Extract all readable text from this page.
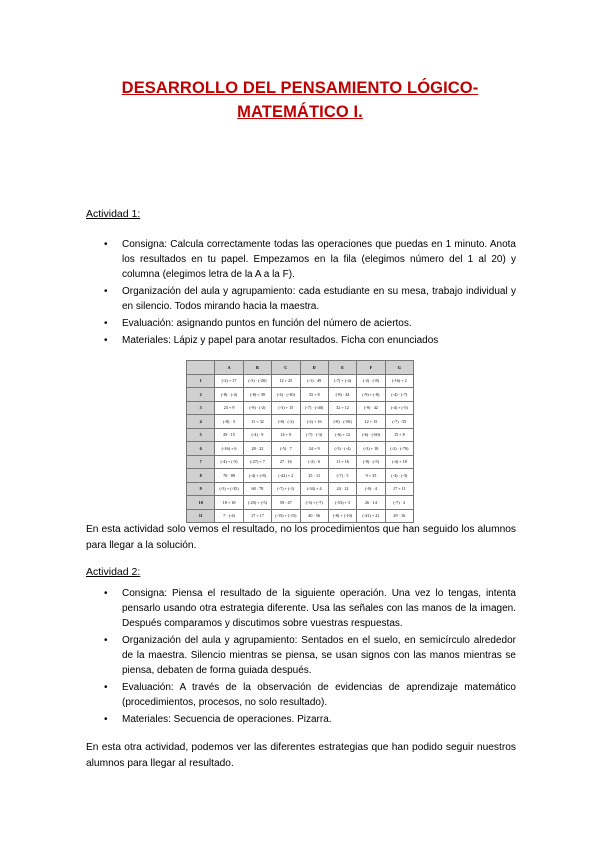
DESARROLLO DEL PENSAMIENTO LÓGICO-
MATEMÁTICO I.
Actividad 1:
• Consigna: Calcula correctamente todas las operaciones que puedas en 1 minuto. Anota los resultados en tu papel. Empezamos en la fila (elegimos número del 1 al 20) y columna (elegimos letra de la A a la F).
• Organización del aula y agrupamiento: cada estudiante en su mesa, trabajo individual y en silencio. Todos mirando hacia la maestra.
• Evaluación: asignando puntos en función del número de aciertos.
• Materiales: Lápiz y papel para anotar resultados. Ficha con enunciados
	A	B	C	D	E	F	G
1	(-2) + 17	(-3) · (-20)	12 + 25	(-1) · 49	(-7) + (-4)	(-2) · (-8)	(-16) + 2
2	(-8) · (-4)	(-8) + 39	(-4) · (-30)	33 + 8	(-8) · 44	(-9) + (-8)	(-4) · (-7)
3	23 + 9	(-9) · (-2)	(-3) + 15	(-7) · (-40)	32 + 12	(-9) · 42	(-4) + (-5)
4	(-8) · 3	11 + 32	(-8) · (-2)	(-2) + 16	(-8) · (-50)	12 + 15	(-7) · 55
5	29 · 15	(-4) · 9	14 + 9	(-7) · (-3)	(-6) + 12	(-6) · (-60)	15 + 8
6	(-16) + 6	28 · 22	(-5) · 7	24 + 9	(-5) · (-4)	(-3) + 18	(-2) · (-70)
7	(-4) + (-5)	(-27) + 7	27 · 16	(-2) · 6	11 + 16	(-9) · (-5)	(-4) + 18
8	70 · 89	(-4) + (-8)	(-42) + 2	25 · 11	(-7) · 5	9 + 35	(-4) · (-3)
9	(-5) + (-35)	60 · 78	(-7) + (-1)	(-34) + 4	24 · 12	(-9) · 4	17 + 11
10	18 + 18	(-25) + (-5)	59 · 47	(-3) + (-7)	(-53) + 3	26 · 14	(-7) · 2
11	7 · (-4)	17 + 17	(-15) + (-15)	40 · 56	(-8) + (-10)	(-41) + 21	29 · 16
En esta actividad solo vemos el resultado, no los procedimientos que han seguido los alumnos para llegar a la solución.
Actividad 2:
• Consigna: Piensa el resultado de la siguiente operación. Una vez lo tengas, intenta pensarlo usando otra estrategia diferente. Usa las señales con las manos de la imagen. Después comparamos y discutimos sobre vuestras respuestas.
• Organización del aula y agrupamiento: Sentados en el suelo, en semicírculo alrededor de la maestra. Silencio mientras se piensa, se usan signos con las manos mientras se piensa, debaten de forma guiada después.
• Evaluación: A través de la observación de evidencias de aprendizaje matemático (procedimientos, procesos, no solo resultado).
• Materiales: Secuencia de operaciones. Pizarra.
En esta otra actividad, podemos ver las diferentes estrategias que han podido seguir nuestros alumnos para llegar al resultado.
